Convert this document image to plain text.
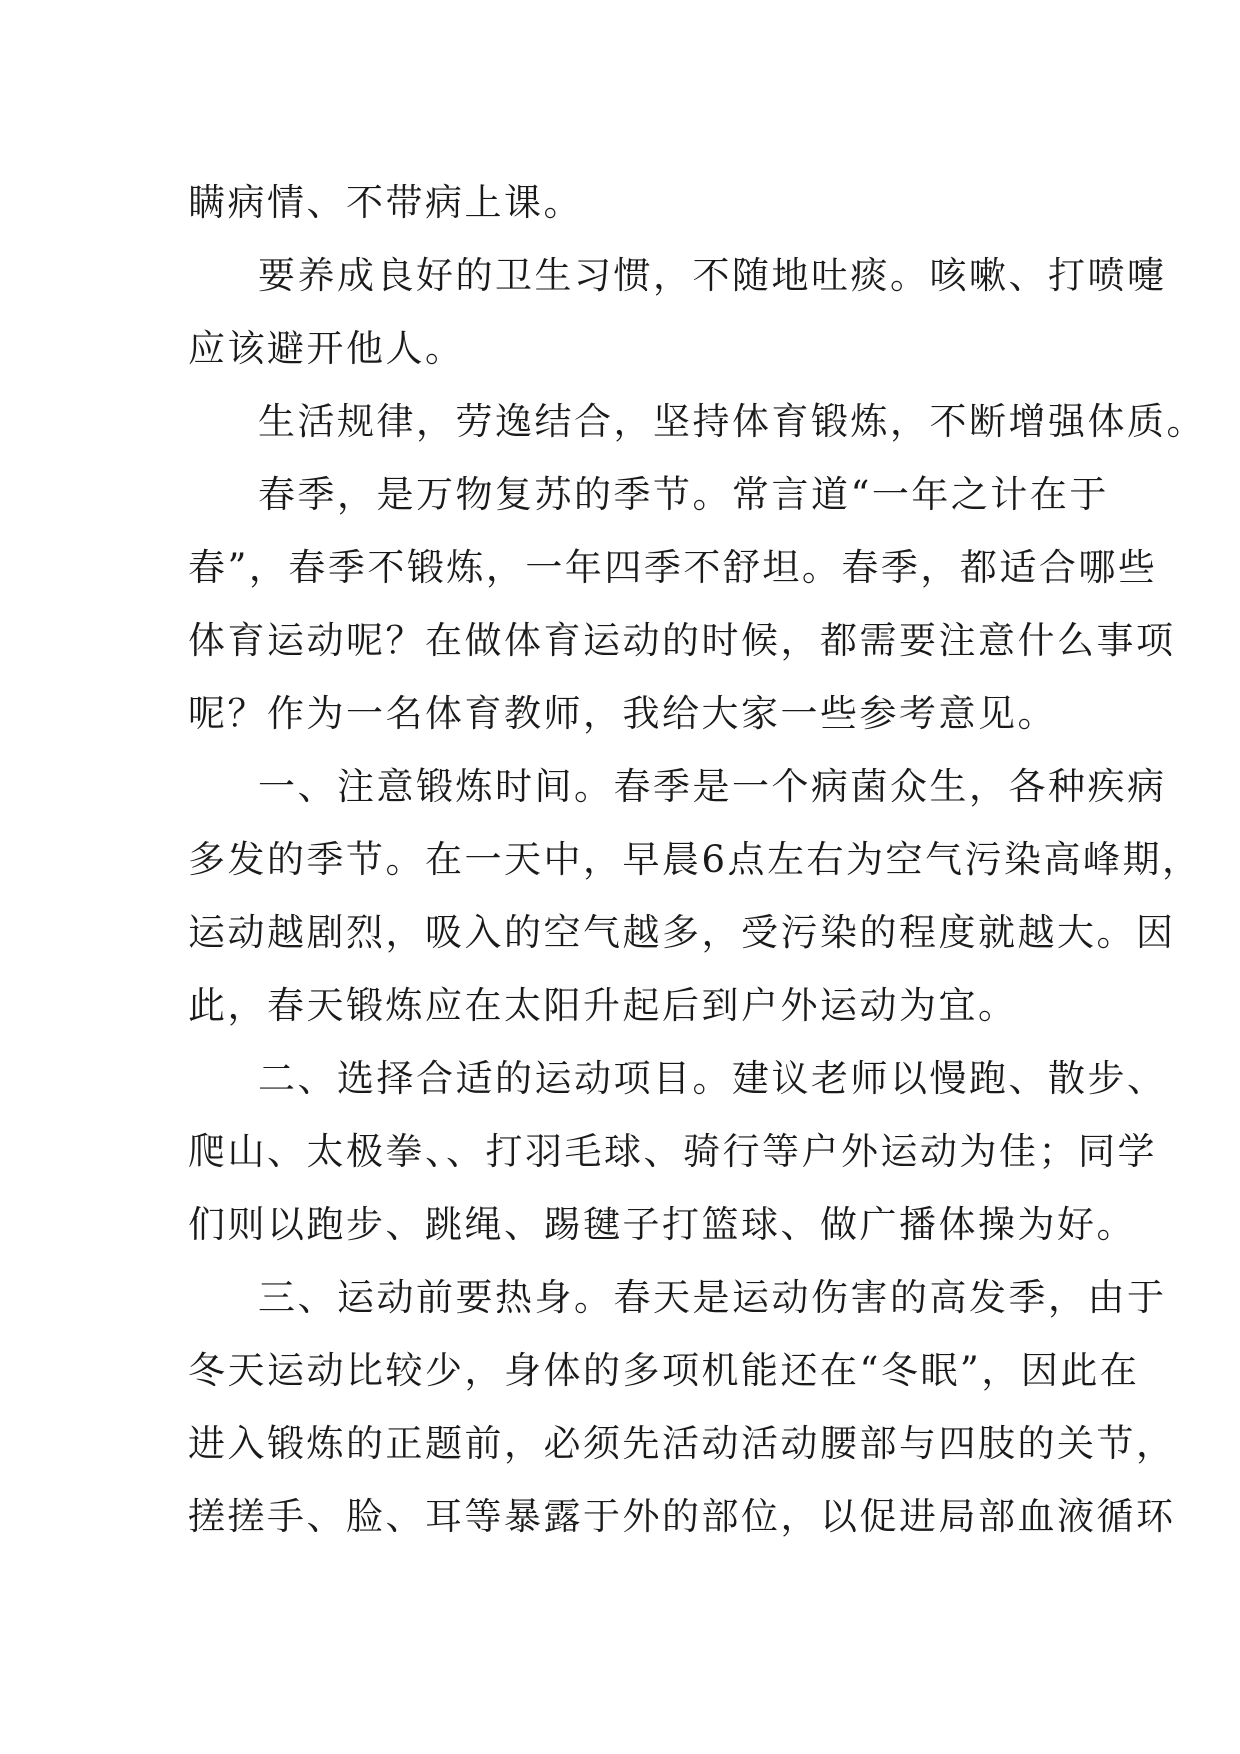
瞒病情、不带病上课。
要养成良好的卫生习惯，不随地吐痰。咳嗽、打喷嚏
应该避开他人。
生活规律，劳逸结合，坚持体育锻炼，不断增强体质。
春季，是万物复苏的季节。常言道“一年之计在于
春”，春季不锻炼，一年四季不舒坦。春季，都适合哪些
体育运动呢？在做体育运动的时候，都需要注意什么事项
呢？作为一名体育教师，我给大家一些参考意见。
一、注意锻炼时间。春季是一个病菌众生，各种疾病
多发的季节。在一天中，早晨6点左右为空气污染高峰期，
运动越剧烈，吸入的空气越多，受污染的程度就越大。因
此，春天锻炼应在太阳升起后到户外运动为宜。
二、选择合适的运动项目。建议老师以慢跑、散步、
爬山、太极拳、、打羽毛球、骑行等户外运动为佳；同学
们则以跑步、跳绳、踢毽子打篮球、做广播体操为好。
三、运动前要热身。春天是运动伤害的高发季，由于
冬天运动比较少，身体的多项机能还在“冬眠”，因此在
进入锻炼的正题前，必须先活动活动腰部与四肢的关节，
搓搓手、脸、耳等暴露于外的部位，以促进局部血液循环
